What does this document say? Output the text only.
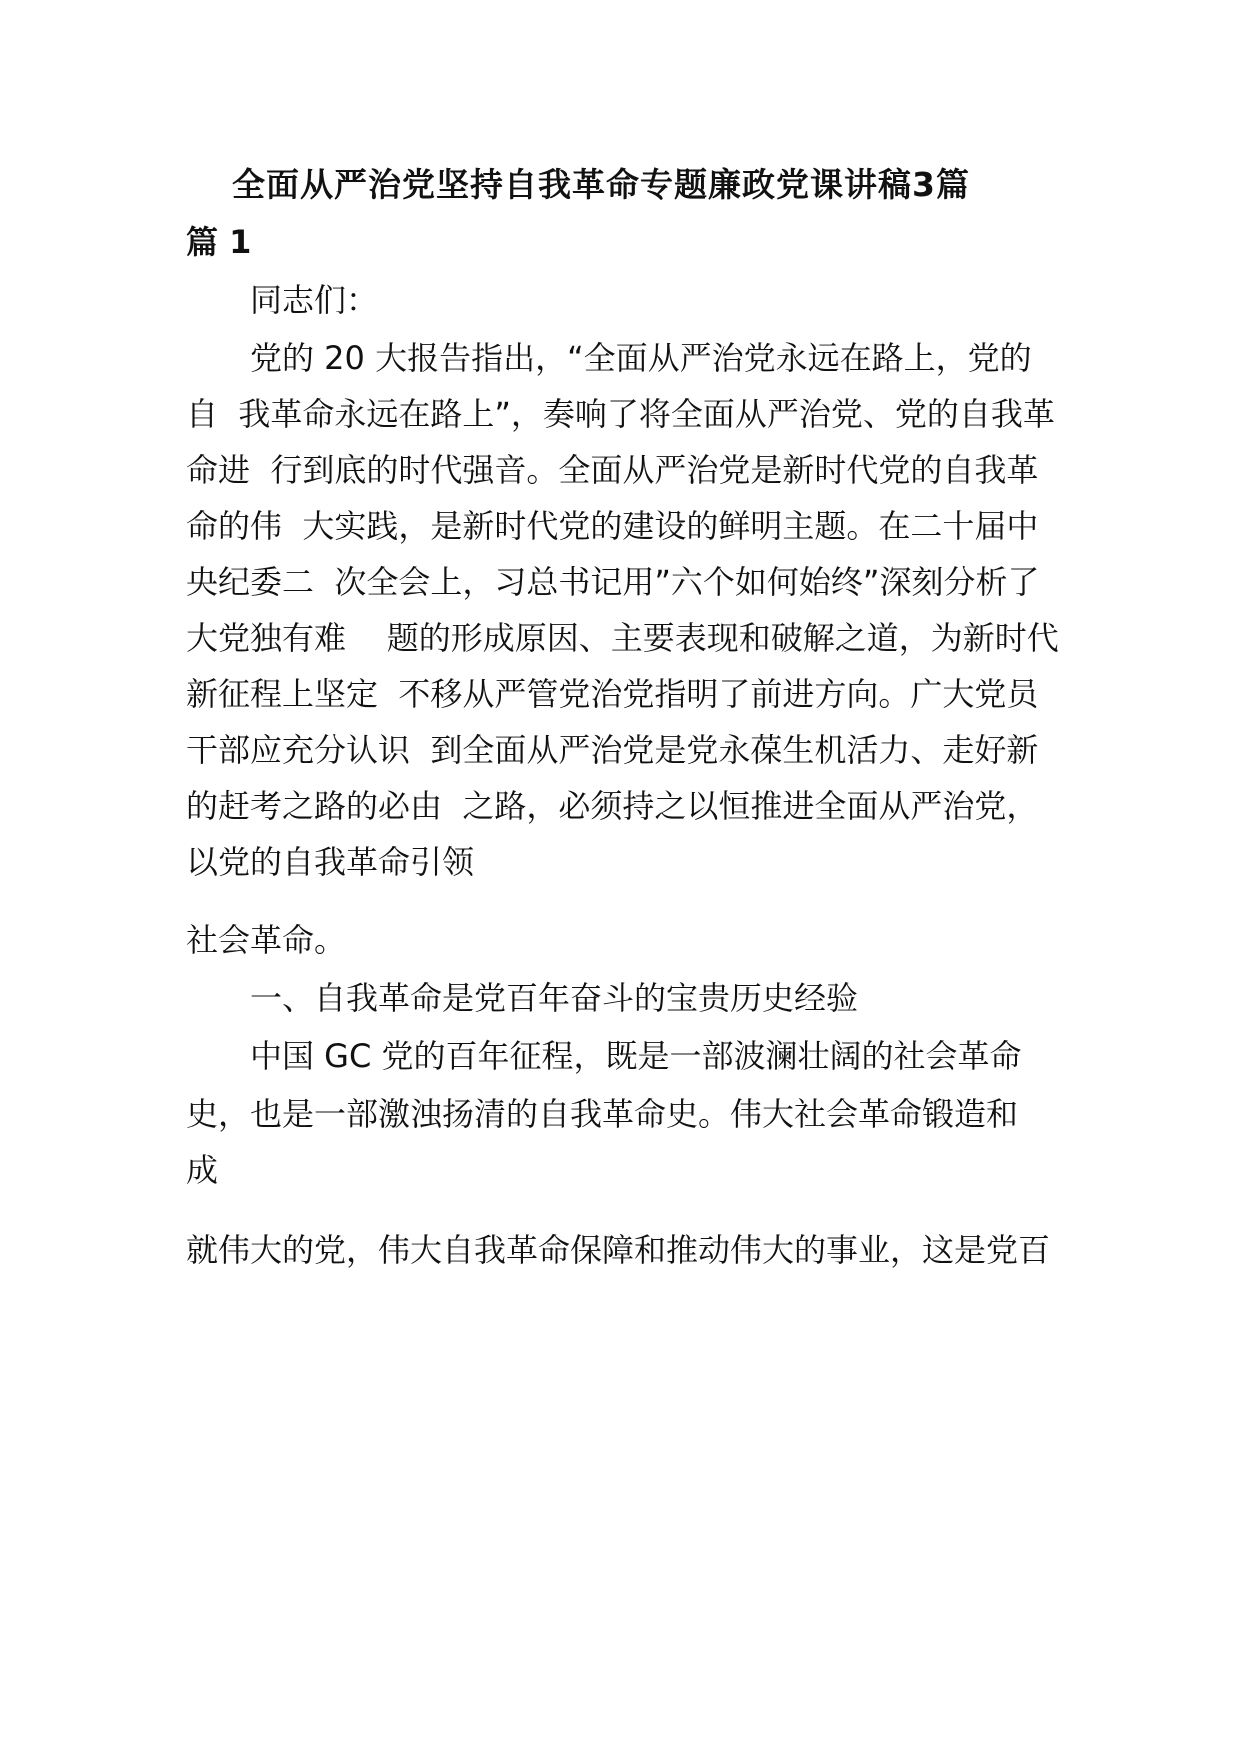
全面从严治党坚持自我革命专题廉政党课讲稿3篇
篇 1
同志们：
党的 20 大报告指出，“全面从严治党永远在路上，党的
自  我革命永远在路上”，奏响了将全面从严治党、党的自我革
命进  行到底的时代强音。全面从严治党是新时代党的自我革
命的伟  大实践，是新时代党的建设的鲜明主题。在二十届中
央纪委二  次全会上，习总书记用”六个如何始终”深刻分析了
大党独有难    题的形成原因、主要表现和破解之道，为新时代
新征程上坚定  不移从严管党治党指明了前进方向。广大党员
干部应充分认识  到全面从严治党是党永葆生机活力、走好新
的赶考之路的必由  之路，必须持之以恒推进全面从严治党，
以党的自我革命引领
社会革命。
一、自我革命是党百年奋斗的宝贵历史经验
中国 GC 党的百年征程，既是一部波澜壮阔的社会革命
史，也是一部激浊扬清的自我革命史。伟大社会革命锻造和
成
就伟大的党，伟大自我革命保障和推动伟大的事业，这是党百
